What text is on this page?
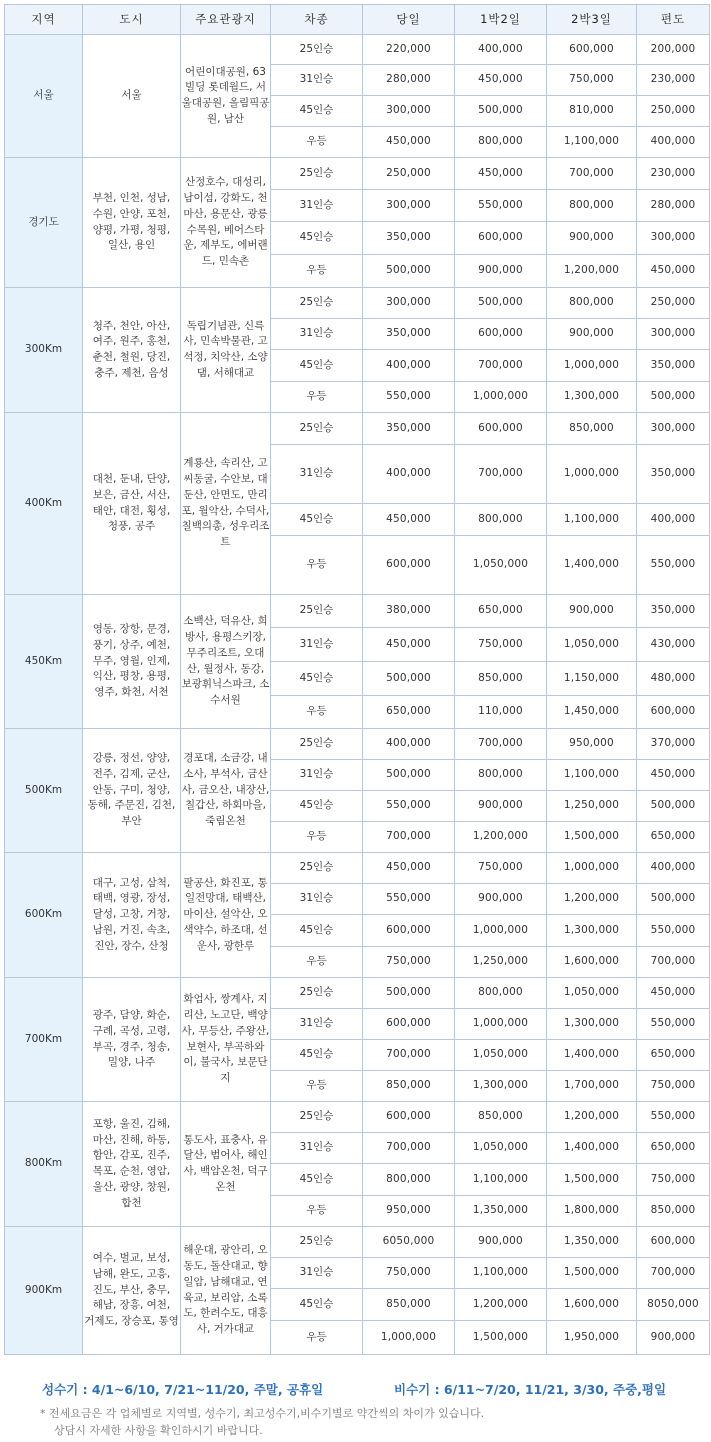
지역	도시	주요관광지	차종	당일	1박2일	2박3일	편도
서울	서울	어린이대공원, 63빌딩 롯데월드, 서울대공원, 올림픽공원, 남산	25인승	220,000	400,000	600,000	200,000
			31인승	280,000	450,000	750,000	230,000
			45인승	300,000	500,000	810,000	250,000
			우등	450,000	800,000	1,100,000	400,000
경기도	부천, 인천, 성남, 수원, 안양, 포천, 양평, 가평, 청평, 일산, 용인	산정호수, 대성리, 남이섬, 강화도, 천마산, 용문산, 광릉수목원, 베어스타운, 제부도, 에버랜드, 민속촌	25인승	250,000	450,000	700,000	230,000
			31인승	300,000	550,000	800,000	280,000
			45인승	350,000	600,000	900,000	300,000
			우등	500,000	900,000	1,200,000	450,000
300Km	청주, 천안, 아산, 여주, 원주, 홍천, 춘천, 철원, 당진, 충주, 제천, 음성	독립기념관, 신륵사, 민속박물관, 고석정, 치악산, 소양댐, 서해대교	25인승	300,000	500,000	800,000	250,000
			31인승	350,000	600,000	900,000	300,000
			45인승	400,000	700,000	1,000,000	350,000
			우등	550,000	1,000,000	1,300,000	500,000
400Km	대천, 둔내, 단양, 보은, 금산, 서산, 태안, 대전, 횡성, 청풍, 공주	계룡산, 속리산, 고씨동굴, 수안보, 대둔산, 안면도, 만리포, 월악산, 수덕사, 칠백의총, 성우리조트	25인승	350,000	600,000	850,000	300,000
			31인승	400,000	700,000	1,000,000	350,000
			45인승	450,000	800,000	1,100,000	400,000
			우등	600,000	1,050,000	1,400,000	550,000
450Km	영동, 장항, 문경, 풍기, 상주, 예천, 무주, 영월, 인제, 익산, 평창, 용평, 영주, 화천, 서천	소백산, 덕유산, 희방사, 용평스키장, 무주리조트, 오대산, 월정사, 동강, 보광휘닉스파크, 소수서원	25인승	380,000	650,000	900,000	350,000
			31인승	450,000	750,000	1,050,000	430,000
			45인승	500,000	850,000	1,150,000	480,000
			우등	650,000	110,000	1,450,000	600,000
500Km	강릉, 정선, 양양, 전주, 김제, 군산, 안동, 구미, 청양, 동해, 주문진, 김천, 부안	경포대, 소금강, 내소사, 부석사, 금산사, 금오산, 내장산, 칠갑산, 하회마을, 죽림온천	25인승	400,000	700,000	950,000	370,000
			31인승	500,000	800,000	1,100,000	450,000
			45인승	550,000	900,000	1,250,000	500,000
			우등	700,000	1,200,000	1,500,000	650,000
600Km	대구, 고성, 삼척, 태백, 영광, 장성, 달성, 고창, 거창, 남원, 거진, 속초, 진안, 장수, 산청	팔공산, 화진포, 통일전망대, 태백산, 마이산, 설악산, 오색약수, 하조대, 선운사, 광한루	25인승	450,000	750,000	1,000,000	400,000
			31인승	550,000	900,000	1,200,000	500,000
			45인승	600,000	1,000,000	1,300,000	550,000
			우등	750,000	1,250,000	1,600,000	700,000
700Km	광주, 담양, 화순, 구례, 곡성, 고령, 부곡, 경주, 청송, 밀양, 나주	화엄사, 쌍계사, 지리산, 노고단, 백양사, 무등산, 주왕산, 보현사, 부곡하와이, 불국사, 보문단지	25인승	500,000	800,000	1,050,000	450,000
			31인승	600,000	1,000,000	1,300,000	550,000
			45인승	700,000	1,050,000	1,400,000	650,000
			우등	850,000	1,300,000	1,700,000	750,000
800Km	포항, 울진, 김해, 마산, 진해, 하동, 함안, 감포, 진주, 목포, 순천, 영암, 울산, 광양, 창원, 합천	통도사, 표충사, 유달산, 범어사, 해인사, 백암온천, 덕구온천	25인승	600,000	850,000	1,200,000	550,000
			31인승	700,000	1,050,000	1,400,000	650,000
			45인승	800,000	1,100,000	1,500,000	750,000
			우등	950,000	1,350,000	1,800,000	850,000
900Km	여수, 벌교, 보성, 남해, 완도, 고흥, 진도, 부산, 충무, 해남, 장흥, 여천, 거제도, 장승포, 통영	해운대, 광안리, 오동도, 돌산대교, 향일암, 남해대교, 연육교, 보리암, 소록도, 한려수도, 대흥사, 거가대교	25인승	6050,000	900,000	1,350,000	600,000
			31인승	750,000	1,100,000	1,500,000	700,000
			45인승	850,000	1,200,000	1,600,000	8050,000
			우등	1,000,000	1,500,000	1,950,000	900,000
성수기 : 4/1~6/10, 7/21~11/20, 주말, 공휴일	비수기 : 6/11~7/20, 11/21, 3/30, 주중,평일
* 전세요금은 각 업체별로 지역별, 성수기, 최고성수기,비수기별로 약간씩의 차이가 있습니다.
상담시 자세한 사항을 확인하시기 바랍니다.
